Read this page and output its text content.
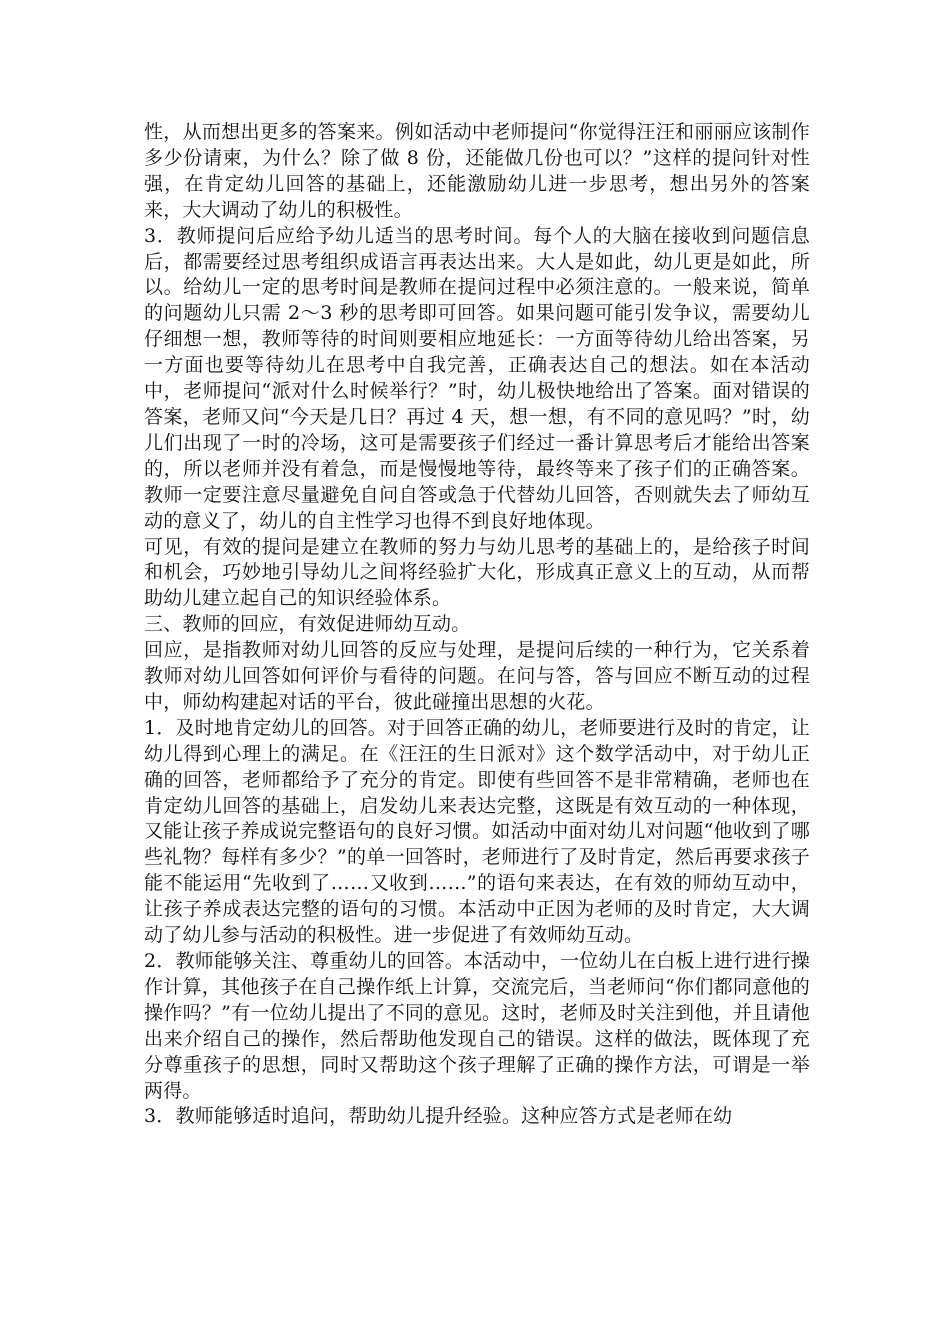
性，从而想出更多的答案来。例如活动中老师提问“你觉得汪汪和丽丽应该制作多少份请柬，为什么？除了做 8 份，还能做几份也可以？”这样的提问针对性强，在肯定幼儿回答的基础上，还能激励幼儿进一步思考，想出另外的答案来，大大调动了幼儿的积极性。

3．教师提问后应给予幼儿适当的思考时间。每个人的大脑在接收到问题信息后，都需要经过思考组织成语言再表达出来。大人是如此，幼儿更是如此，所以。给幼儿一定的思考时间是教师在提问过程中必须注意的。一般来说，简单的问题幼儿只需 2～3 秒的思考即可回答。如果问题可能引发争议，需要幼儿仔细想一想，教师等待的时间则要相应地延长：一方面等待幼儿给出答案，另一方面也要等待幼儿在思考中自我完善，正确表达自己的想法。如在本活动中，老师提问“派对什么时候举行？”时，幼儿极快地给出了答案。面对错误的答案，老师又问“今天是几日？再过 4 天，想一想，有不同的意见吗？”时，幼儿们出现了一时的冷场，这可是需要孩子们经过一番计算思考后才能给出答案的，所以老师并没有着急，而是慢慢地等待，最终等来了孩子们的正确答案。教师一定要注意尽量避免自问自答或急于代替幼儿回答，否则就失去了师幼互动的意义了，幼儿的自主性学习也得不到良好地体现。

可见，有效的提问是建立在教师的努力与幼儿思考的基础上的，是给孩子时间和机会，巧妙地引导幼儿之间将经验扩大化，形成真正意义上的互动，从而帮助幼儿建立起自己的知识经验体系。

三、教师的回应，有效促进师幼互动。

回应，是指教师对幼儿回答的反应与处理，是提问后续的一种行为，它关系着教师对幼儿回答如何评价与看待的问题。在问与答，答与回应不断互动的过程中，师幼构建起对话的平台，彼此碰撞出思想的火花。

1．及时地肯定幼儿的回答。对于回答正确的幼儿，老师要进行及时的肯定，让幼儿得到心理上的满足。在《汪汪的生日派对》这个数学活动中，对于幼儿正确的回答，老师都给予了充分的肯定。即使有些回答不是非常精确，老师也在肯定幼儿回答的基础上，启发幼儿来表达完整，这既是有效互动的一种体现，又能让孩子养成说完整语句的良好习惯。如活动中面对幼儿对问题“他收到了哪些礼物？每样有多少？”的单一回答时，老师进行了及时肯定，然后再要求孩子能不能运用“先收到了……又收到……”的语句来表达，在有效的师幼互动中，让孩子养成表达完整的语句的习惯。本活动中正因为老师的及时肯定，大大调动了幼儿参与活动的积极性。进一步促进了有效师幼互动。

2．教师能够关注、尊重幼儿的回答。本活动中，一位幼儿在白板上进行进行操作计算，其他孩子在自己操作纸上计算，交流完后，当老师问“你们都同意他的操作吗？”有一位幼儿提出了不同的意见。这时，老师及时关注到他，并且请他出来介绍自己的操作，然后帮助他发现自己的错误。这样的做法，既体现了充分尊重孩子的思想，同时又帮助这个孩子理解了正确的操作方法，可谓是一举两得。

3．教师能够适时追问，帮助幼儿提升经验。这种应答方式是老师在幼
